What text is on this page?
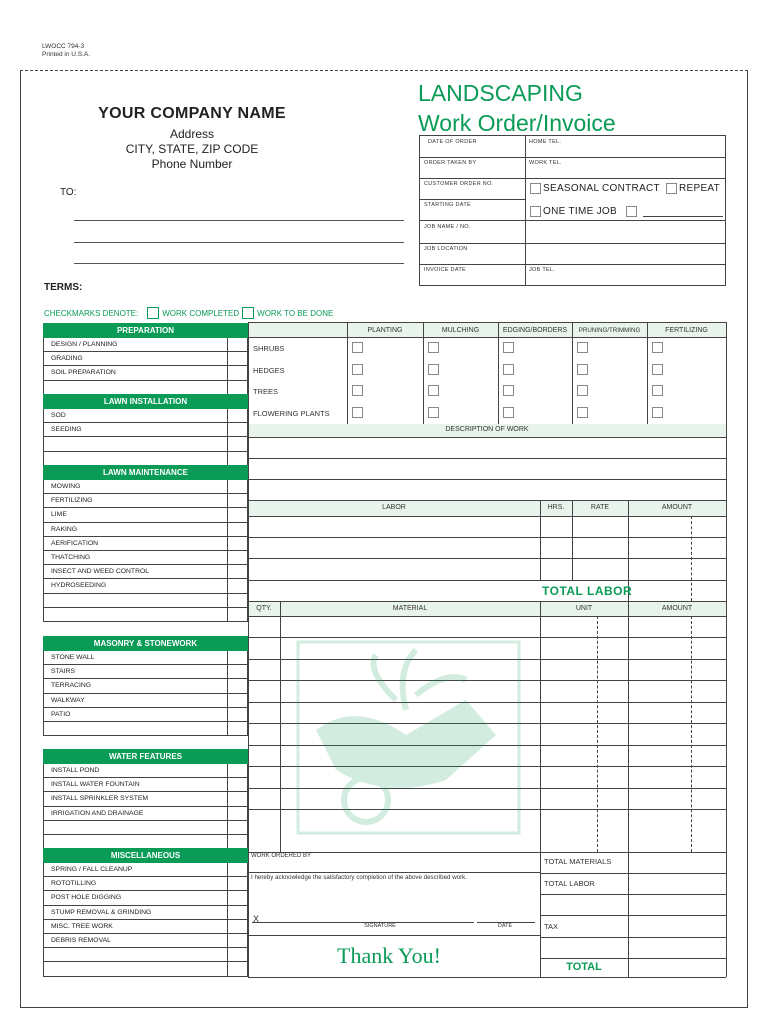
LWOCC 794-3
Printed in U.S.A.
YOUR COMPANY NAME
Address
CITY, STATE, ZIP CODE
Phone Number
TO:
TERMS:
LANDSCAPING
Work Order/Invoice
DATE OF ORDER	HOME TEL.
ORDER TAKEN BY	WORK TEL.
CUSTOMER ORDER NO.
STARTING DATE
SEASONAL CONTRACT REPEAT
ONE TIME JOB
JOB NAME / NO.
JOB LOCATION
INVOICE DATE	JOB TEL.
CHECKMARKS DENOTE:	WORK COMPLETED WORK TO BE DONE
PREPARATION
DESIGN / PLANNING
GRADING
SOIL PREPARATION
LAWN INSTALLATION
SOD
SEEDING
LAWN MAINTENANCE
MOWING
FERTILIZING
LIME
RAKING
AERIFICATION
THATCHING
INSECT AND WEED CONTROL
HYDROSEEDING
MASONRY & STONEWORK
STONE WALL
STAIRS
TERRACING
WALKWAY
PATIO
WATER FEATURES
INSTALL POND
INSTALL WATER FOUNTAIN
INSTALL SPRINKLER SYSTEM
IRRIGATION AND DRAINAGE
MISCELLANEOUS
SPRING / FALL CLEANUP
ROTOTILLING
POST HOLE DIGGING
STUMP REMOVAL & GRINDING
MISC. TREE WORK
DEBRIS REMOVAL
PLANTING	MULCHING	EDGING/BORDERS	PRUNING/TRIMMING	FERTILIZING
SHRUBS
HEDGES
TREES
FLOWERING PLANTS
DESCRIPTION OF WORK
LABOR	HRS.	RATE	AMOUNT
TOTAL LABOR
QTY.	MATERIAL	UNIT	AMOUNT
WORK ORDERED BY
I hereby acknowledge the satisfactory completion of the above described work.
X
SIGNATURE	DATE
Thank You!
TOTAL MATERIALS
TOTAL LABOR
TAX
TOTAL
